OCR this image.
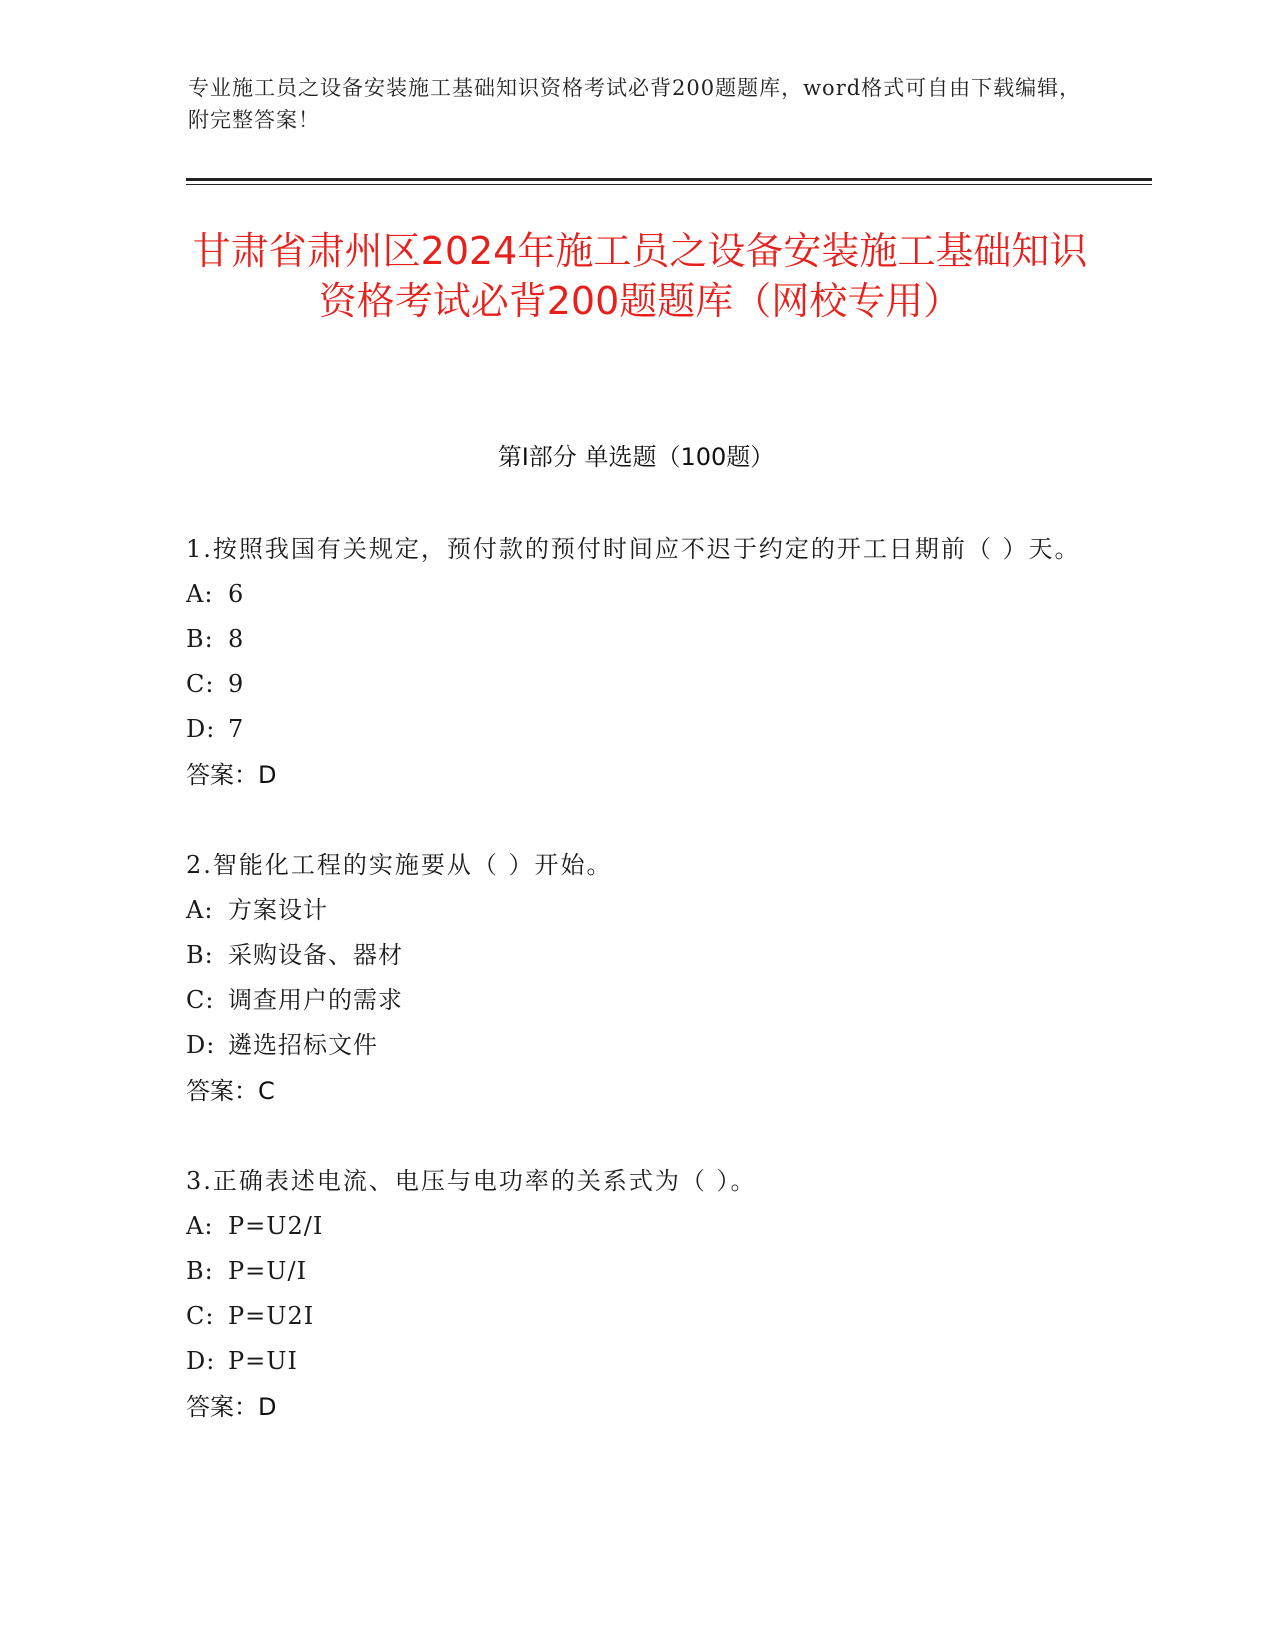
专业施工员之设备安装施工基础知识资格考试必背200题题库，word格式可自由下载编辑，附完整答案！
甘肃省肃州区2024年施工员之设备安装施工基础知识资格考试必背200题题库（网校专用）
第I部分 单选题（100题）
1.按照我国有关规定，预付款的预付时间应不迟于约定的开工日期前（ ）天。
A: 6
B: 8
C: 9
D: 7
答案：D
2.智能化工程的实施要从（ ）开始。
A: 方案设计
B: 采购设备、器材
C: 调查用户的需求
D: 遴选招标文件
答案：C
3.正确表述电流、电压与电功率的关系式为（ ）。
A: P=U2/I
B: P=U/I
C: P=U2I
D: P=UI
答案：D
